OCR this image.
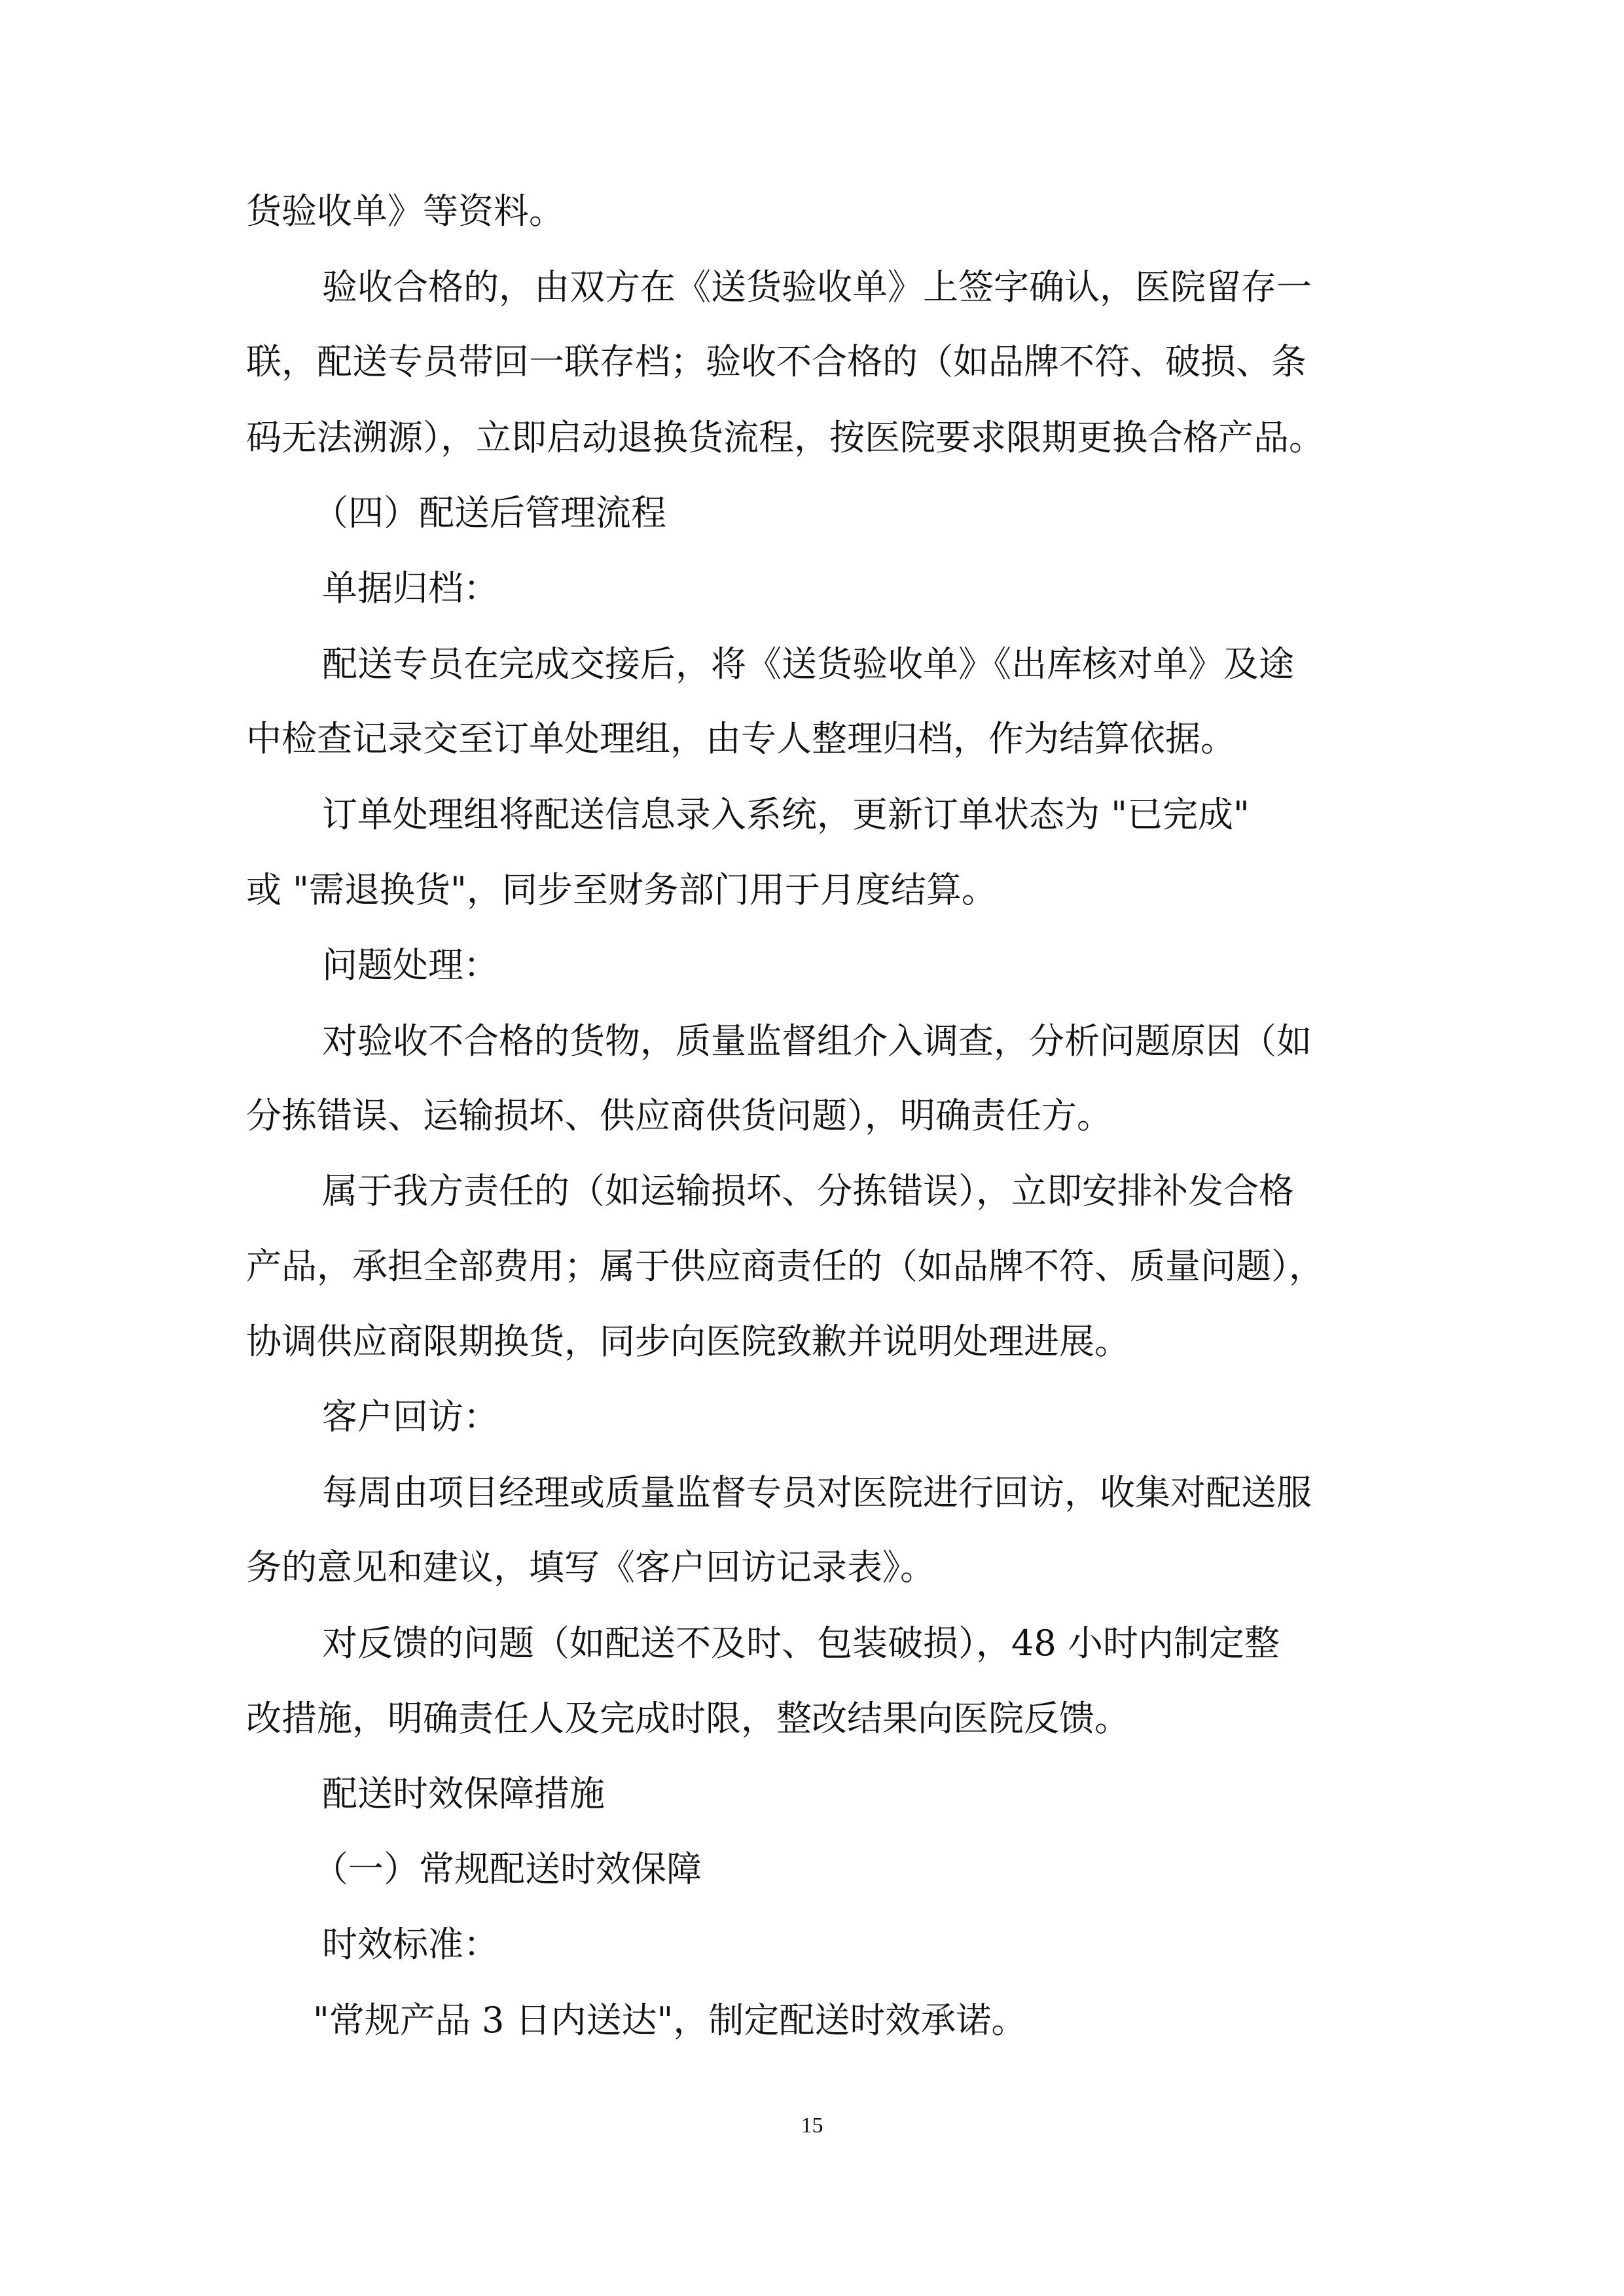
货验收单》等资料。
验收合格的，由双方在《送货验收单》上签字确认，医院留存一
联，配送专员带回一联存档；验收不合格的（如品牌不符、破损、条
码无法溯源），立即启动退换货流程，按医院要求限期更换合格产品。
（四）配送后管理流程
单据归档：
配送专员在完成交接后，将《送货验收单》《出库核对单》及途
中检查记录交至订单处理组，由专人整理归档，作为结算依据。
订单处理组将配送信息录入系统，更新订单状态为 "已完成"
或 "需退换货"，同步至财务部门用于月度结算。
问题处理：
对验收不合格的货物，质量监督组介入调查，分析问题原因（如
分拣错误、运输损坏、供应商供货问题），明确责任方。
属于我方责任的（如运输损坏、分拣错误），立即安排补发合格
产品，承担全部费用；属于供应商责任的（如品牌不符、质量问题），
协调供应商限期换货，同步向医院致歉并说明处理进展。
客户回访：
每周由项目经理或质量监督专员对医院进行回访，收集对配送服
务的意见和建议，填写《客户回访记录表》。
对反馈的问题（如配送不及时、包装破损），48 小时内制定整
改措施，明确责任人及完成时限，整改结果向医院反馈。
配送时效保障措施
（一）常规配送时效保障
时效标准：
"常规产品 3 日内送达"，制定配送时效承诺。
15
